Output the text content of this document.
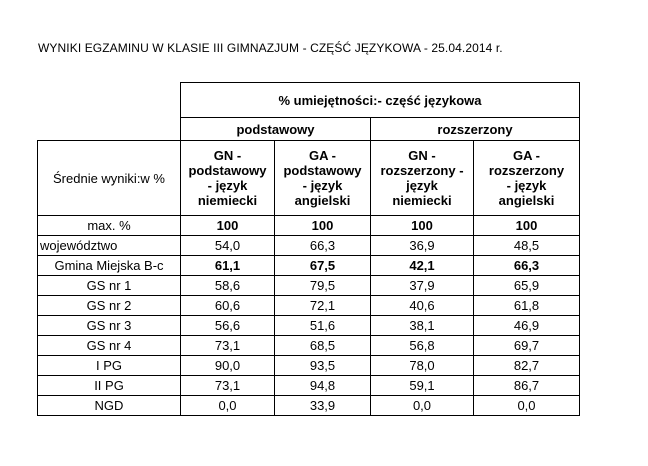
WYNIKI EGZAMINU W KLASIE III GIMNAZJUM - CZĘŚĆ JĘZYKOWA - 25.04.2014 r.
	% umiejętności:- część językowa			
	podstawowy		rozszerzony	
Średnie wyniki:w %	GN -
podstawowy
- język
niemiecki	GA -
podstawowy
- język
angielski	GN -
rozszerzony -
język
niemiecki	GA -
rozszerzony
- język
angielski
max. %	100	100	100	100
województwo	54,0	66,3	36,9	48,5
Gmina Miejska B-c	61,1	67,5	42,1	66,3
GS nr 1	58,6	79,5	37,9	65,9
GS nr 2	60,6	72,1	40,6	61,8
GS nr 3	56,6	51,6	38,1	46,9
GS nr 4	73,1	68,5	56,8	69,7
I PG	90,0	93,5	78,0	82,7
II PG	73,1	94,8	59,1	86,7
NGD	0,0	33,9	0,0	0,0
